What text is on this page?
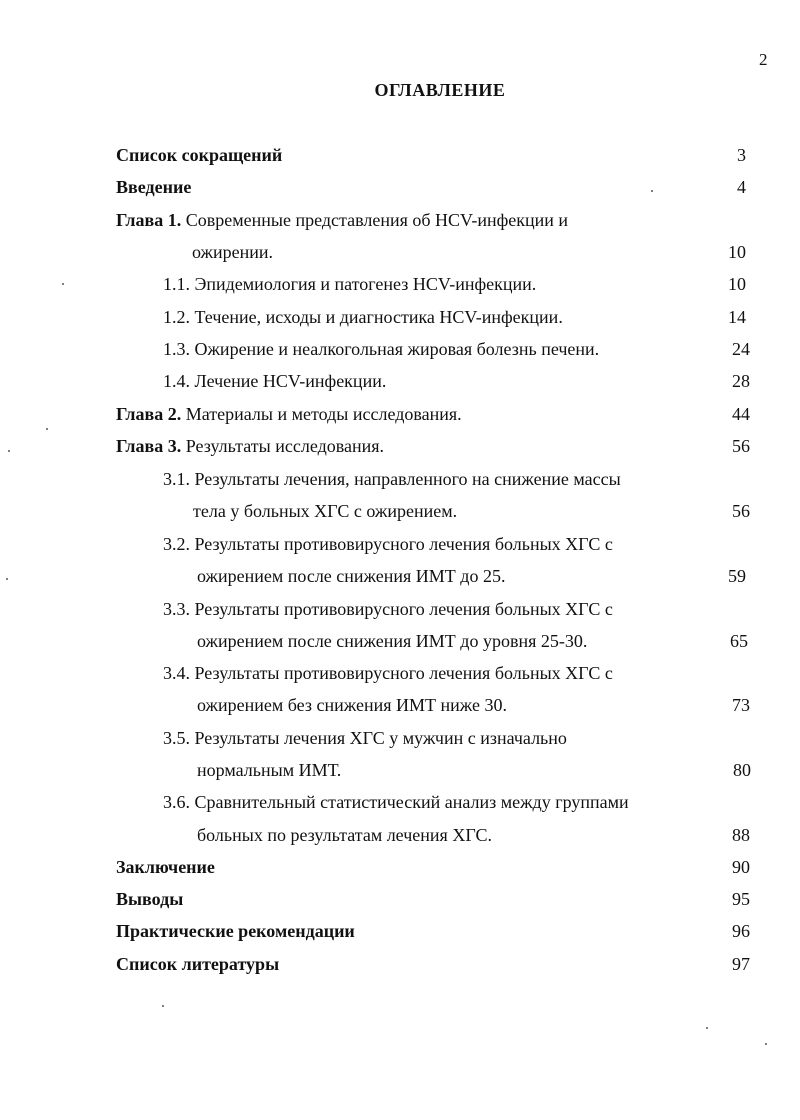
2
ОГЛАВЛЕНИЕ
Список сокращений	3
Введение	4
Глава 1. Современные представления об HCV-инфекции и
ожирении.	10
1.1. Эпидемиология и патогенез HCV-инфекции.	10
1.2. Течение, исходы и диагностика HCV-инфекции.	14
1.3. Ожирение и неалкогольная жировая болезнь печени.	24
1.4. Лечение HCV-инфекции.	28
Глава 2. Материалы и методы исследования.	44
Глава 3. Результаты исследования.	56
3.1. Результаты лечения, направленного на снижение массы
тела у больных ХГС с ожирением.	56
3.2. Результаты противовирусного лечения больных ХГС с
ожирением после снижения ИМТ до 25.	59
3.3. Результаты противовирусного лечения больных ХГС с
ожирением после снижения ИМТ до уровня 25-30.	65
3.4. Результаты противовирусного лечения больных ХГС с
ожирением без снижения ИМТ ниже 30.	73
3.5. Результаты лечения ХГС у мужчин с изначально
нормальным ИМТ.	80
3.6. Сравнительный статистический анализ между группами
больных по результатам лечения ХГС.	88
Заключение	90
Выводы	95
Практические рекомендации	96
Список литературы	97
